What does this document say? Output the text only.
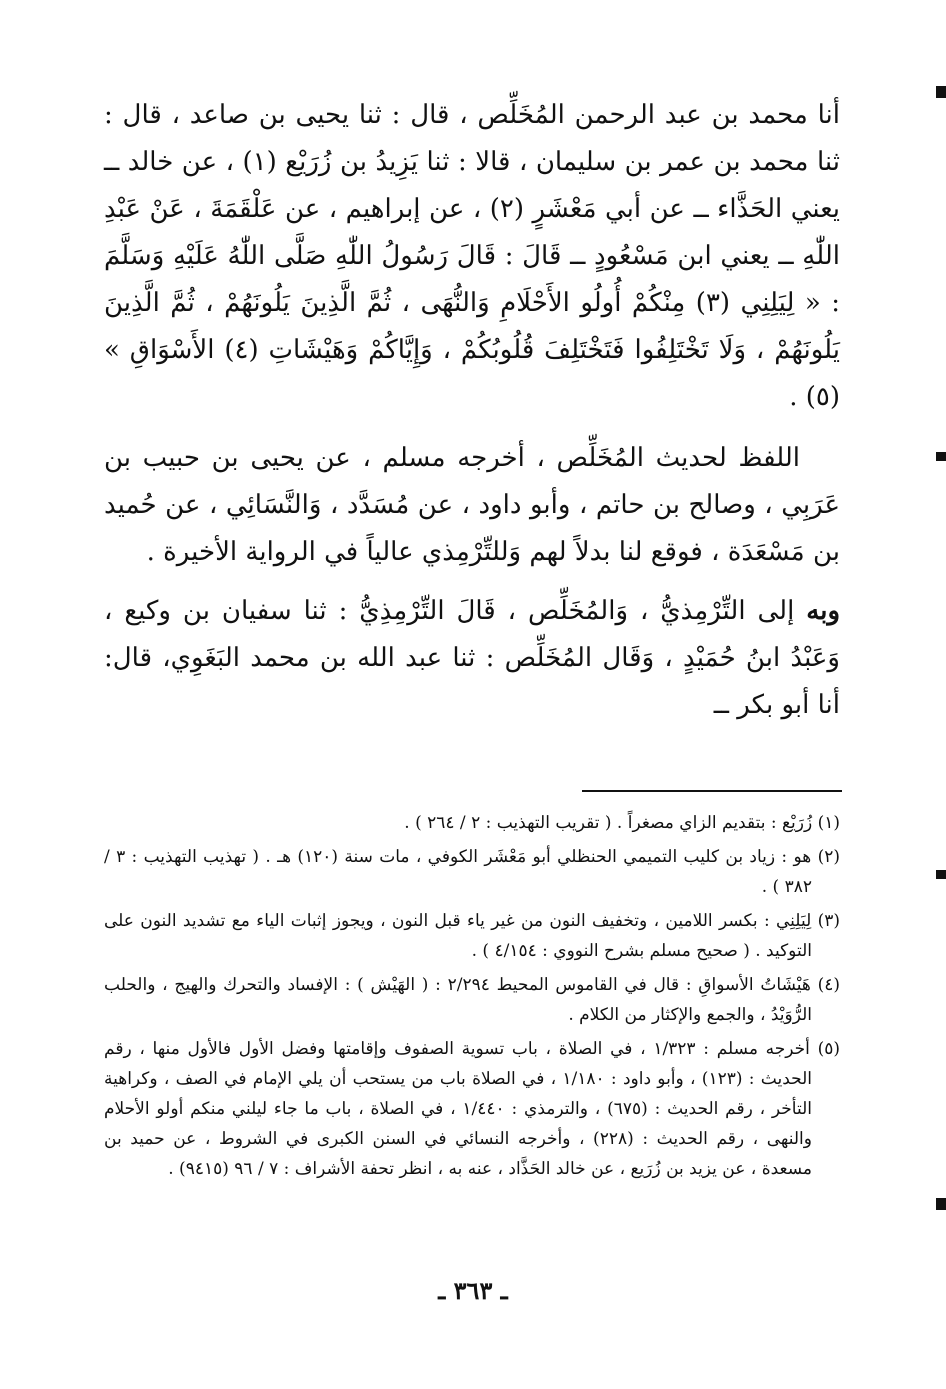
أنا محمد بن عبد الرحمن المُخَلِّص ، قال : ثنا يحيى بن صاعد ، قال : ثنا محمد بن عمر بن سليمان ، قالا : ثنا يَزِيدُ بن زُرَيْع (١) ، عن خالد ــ يعني الحَذَّاء ــ عن أبي مَعْشَرٍ (٢) ، عن إبراهيم ، عن عَلْقَمَةَ ، عَنْ عَبْدِ اللّٰهِ ــ يعني ابن مَسْعُودٍ ــ قَالَ : قَالَ رَسُولُ اللّٰهِ صَلَّى اللّٰهُ عَلَيْهِ وَسَلَّمَ : « لِيَلِنِي (٣) مِنْكُمْ أُولُو الأَحْلَامِ وَالنُّهَى ، ثُمَّ الَّذِينَ يَلُونَهُمْ ، ثُمَّ الَّذِينَ يَلُونَهُمْ ، وَلَا تَخْتَلِفُوا فَتَخْتَلِفَ قُلُوبُكُمْ ، وَإِيَّاكُمْ وَهَيْشَاتِ (٤) الأَسْوَاقِ » (٥) .

اللفظ لحديث المُخَلِّص ، أخرجه مسلم ، عن يحيى بن حبيب بن عَرَبِي ، وصالح بن حاتم ، وأبو داود ، عن مُسَدَّد ، وَالنَّسَائِي ، عن حُميد بن مَسْعَدَة ، فوقع لنا بدلاً لهم وَللتِّرْمِذي عالياً في الرواية الأخيرة .

وبه إلى التِّرْمِذيُّ ، وَالمُخَلِّص ، قَالَ التِّرْمِذِيُّ : ثنا سفيان بن وكيع ، وَعَبْدُ ابنُ حُمَيْدٍ ، وَقَال المُخَلِّص : ثنا عبد الله بن محمد البَغَوِي، قال: أنا أبو بكر ــ

(١) زُرَيْع : بتقديم الزاي مصغراً . ( تقريب التهذيب : ٢ / ٢٦٤ ) .

(٢) هو : زياد بن كليب التميمي الحنظلي أبو مَعْشَر الكوفي ، مات سنة (١٢٠) هـ . ( تهذيب التهذيب : ٣ / ٣٨٢ ) .

(٣) لِيَلِنِي : بكسر اللامين ، وتخفيف النون من غير ياء قبل النون ، ويجوز إثبات الياء مع تشديد النون على التوكيد . ( صحيح مسلم بشرح النووي : ٤/١٥٤ ) .

(٤) هَيْشَاتُ الأسواقِ : قال في القاموس المحيط ٢/٢٩٤ : ( الهَيْش ) : الإفساد والتحرك والهيج ، والحلب الرُّوَيْدُ ، والجمع والإكثار من الكلام .

(٥) أخرجه مسلم : ١/٣٢٣ ، في الصلاة ، باب تسوية الصفوف وإقامتها وفضل الأول فالأول منها ، رقم الحديث : (١٢٣) ، وأبو داود : ١/١٨٠ ، في الصلاة باب من يستحب أن يلي الإمام في الصف ، وكراهية التأخر ، رقم الحديث : (٦٧٥) ، والترمذي : ١/٤٤٠ ، في الصلاة ، باب ما جاء ليلني منكم أولو الأحلام والنهى ، رقم الحديث : (٢٢٨) ، وأخرجه النسائي في السنن الكبرى في الشروط ، عن حميد بن مسعدة ، عن يزيد بن زُرَيع ، عن خالد الحَذَّاد ، عنه به ، انظر تحفة الأشراف : ٧ / ٩٦ (٩٤١٥) .

ـ ٣٦٣ ـ
